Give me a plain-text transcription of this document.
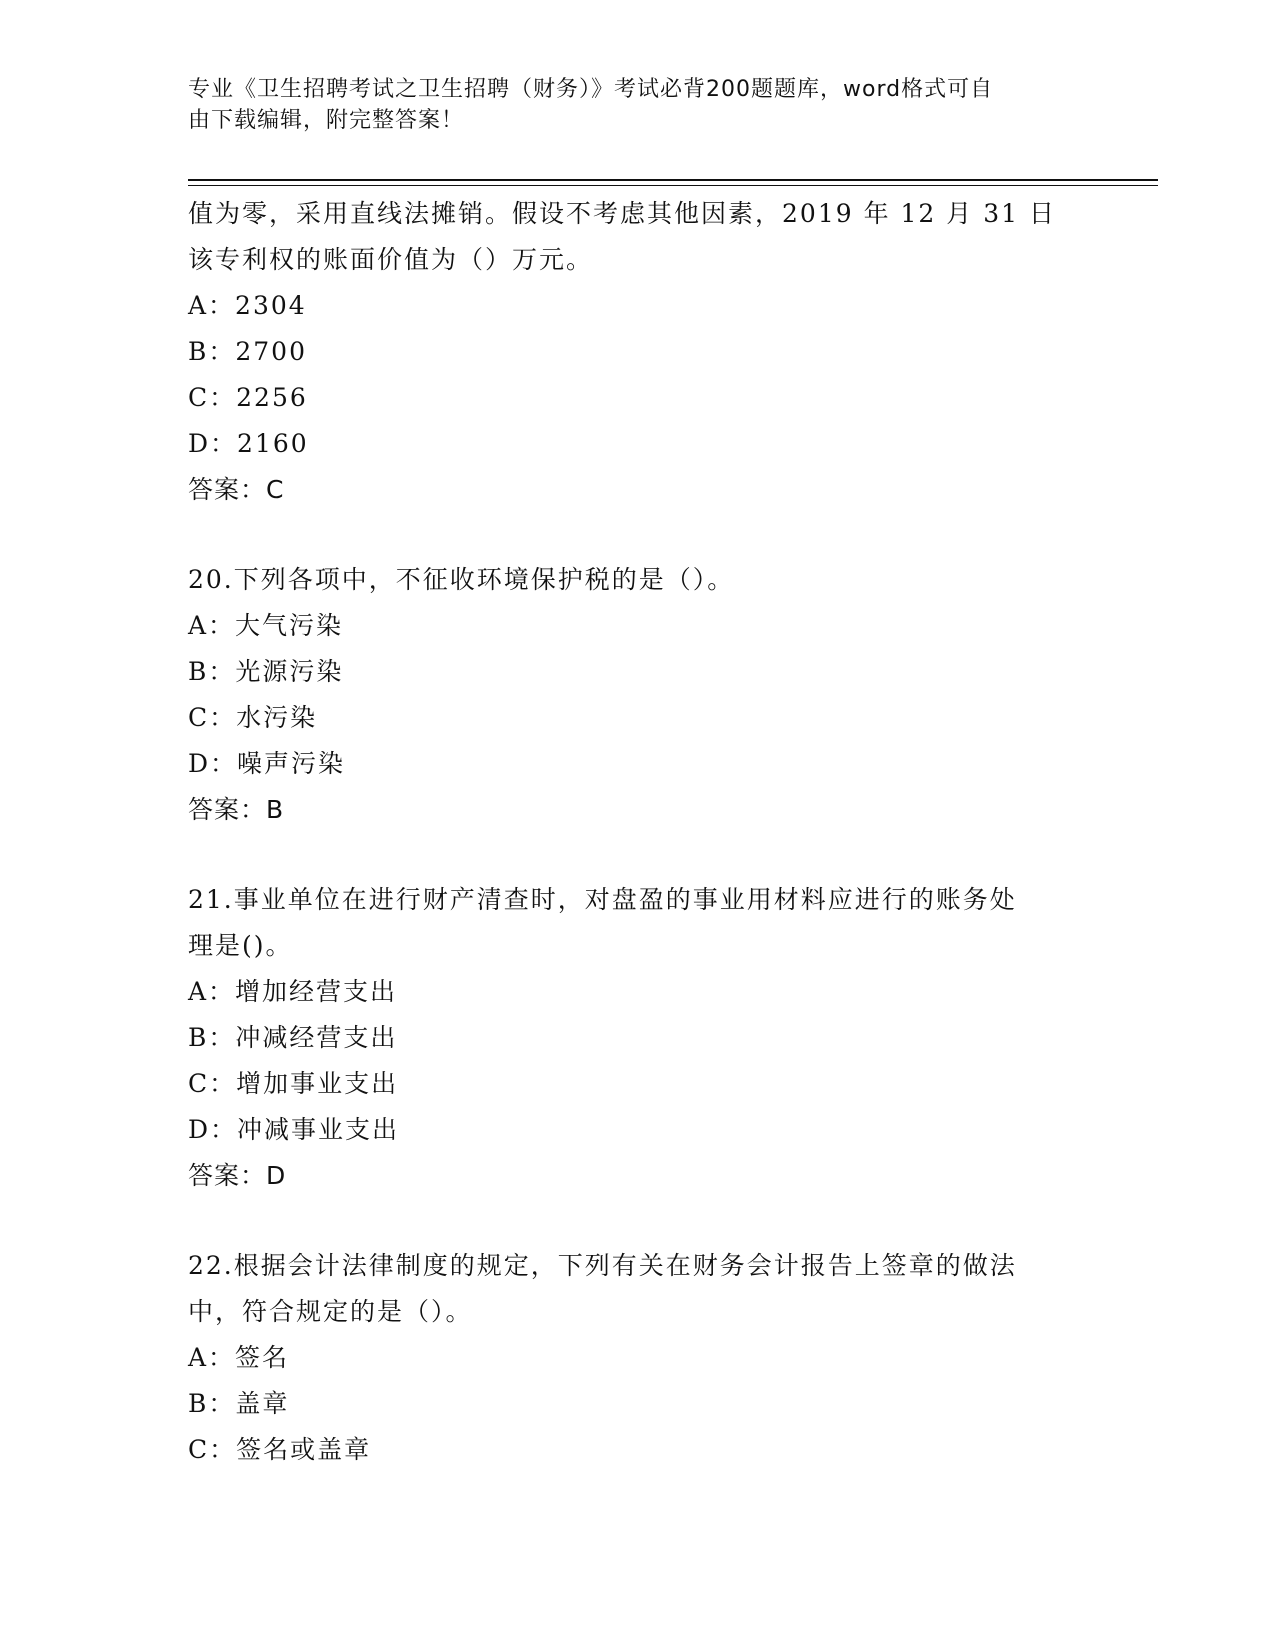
专业《卫生招聘考试之卫生招聘（财务）》考试必背200题题库，word格式可自
由下载编辑，附完整答案！
值为零，采用直线法摊销。假设不考虑其他因素，2019 年 12 月 31 日
该专利权的账面价值为（）万元。
A：2304
B：2700
C：2256
D：2160
答案：C
20.下列各项中，不征收环境保护税的是（）。
A：大气污染
B：光源污染
C：水污染
D：噪声污染
答案：B
21.事业单位在进行财产清查时，对盘盈的事业用材料应进行的账务处
理是()。
A：增加经营支出
B：冲减经营支出
C：增加事业支出
D：冲减事业支出
答案：D
22.根据会计法律制度的规定，下列有关在财务会计报告上签章的做法
中，符合规定的是（）。
A：签名
B：盖章
C：签名或盖章
